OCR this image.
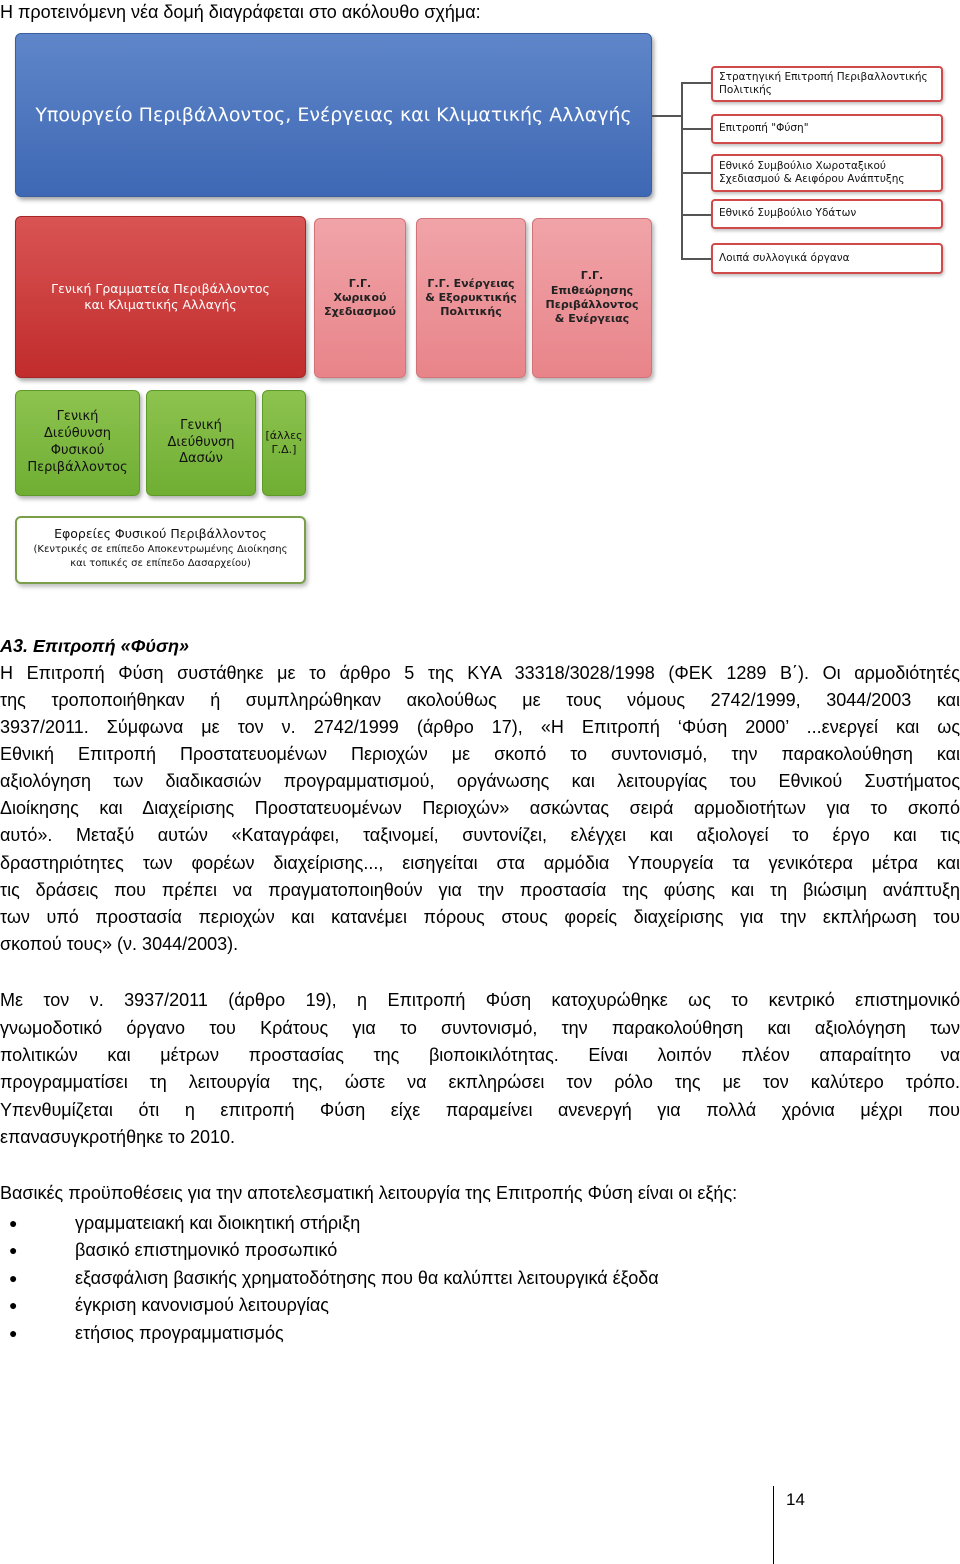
Η προτεινόμενη νέα δομή διαγράφεται στο ακόλουθο σχήμα:
Υπουργείο Περιβάλλοντος, Ενέργειας και Κλιματικής Αλλαγής
Γενική Γραμματεία Περιβάλλοντος και Κλιματικής Αλλαγής
Γ.Γ. Χωρικού Σχεδιασμού
Γ.Γ. Ενέργειας & Εξορυκτικής Πολιτικής
Γ.Γ. Επιθεώρησης Περιβάλλοντος & Ενέργειας
Γενική Διεύθυνση Φυσικού Περιβάλλοντος
Γενική Διεύθυνση Δασών
[άλλες Γ.Δ.]
Εφορείες Φυσικού Περιβάλλοντος
(Κεντρικές σε επίπεδο Αποκεντρωμένης Διοίκησης και τοπικές σε επίπεδο Δασαρχείου)
Στρατηγική Επιτροπή Περιβαλλοντικής Πολιτικής
Επιτροπή "Φύση"
Εθνικό Συμβούλιο Χωροταξικού Σχεδιασμού & Αειφόρου Ανάπτυξης
Εθνικό Συμβούλιο Υδάτων
Λοιπά συλλογικά όργανα
Α3. Επιτροπή «Φύση»
Η Επιτροπή Φύση συστάθηκε με το άρθρο 5 της ΚΥΑ 33318/3028/1998 (ΦΕΚ 1289 Β΄). Οι αρμοδιότητές
της τροποποιήθηκαν ή συμπληρώθηκαν ακολούθως με τους νόμους 2742/1999, 3044/2003 και
3937/2011. Σύμφωνα με τον ν. 2742/1999 (άρθρο 17), «Η Επιτροπή ‘Φύση 2000’ ...ενεργεί και ως
Εθνική Επιτροπή Προστατευομένων Περιοχών με σκοπό το συντονισμό, την παρακολούθηση και
αξιολόγηση των διαδικασιών προγραμματισμού, οργάνωσης και λειτουργίας του Εθνικού Συστήματος
Διοίκησης και Διαχείρισης Προστατευομένων Περιοχών» ασκώντας σειρά αρμοδιοτήτων για το σκοπό
αυτό». Μεταξύ αυτών «Καταγράφει, ταξινομεί, συντονίζει, ελέγχει και αξιολογεί το έργο και τις
δραστηριότητες των φορέων διαχείρισης..., εισηγείται στα αρμόδια Υπουργεία τα γενικότερα μέτρα και
τις δράσεις που πρέπει να πραγματοποιηθούν για την προστασία της φύσης και τη βιώσιμη ανάπτυξη
των υπό προστασία περιοχών και κατανέμει πόρους στους φορείς διαχείρισης για την εκπλήρωση του
σκοπού τους» (ν. 3044/2003).
Με τον ν. 3937/2011 (άρθρο 19), η Επιτροπή Φύση κατοχυρώθηκε ως το κεντρικό επιστημονικό
γνωμοδοτικό όργανο του Κράτους για το συντονισμό, την παρακολούθηση και αξιολόγηση των
πολιτικών και μέτρων προστασίας της βιοποικιλότητας. Είναι λοιπόν πλέον απαραίτητο να
προγραμματίσει τη λειτουργία της, ώστε να εκπληρώσει τον ρόλο της με τον καλύτερο τρόπο.
Υπενθυμίζεται ότι η επιτροπή Φύση είχε παραμείνει ανενεργή για πολλά χρόνια μέχρι που
επανασυγκροτήθηκε το 2010.
Βασικές προϋποθέσεις για την αποτελεσματική λειτουργία της Επιτροπής Φύση είναι οι εξής:
● γραμματειακή και διοικητική στήριξη
● βασικό επιστημονικό προσωπικό
● εξασφάλιση βασικής χρηματοδότησης που θα καλύπτει λειτουργικά έξοδα
● έγκριση κανονισμού λειτουργίας
● ετήσιος προγραμματισμός
14
